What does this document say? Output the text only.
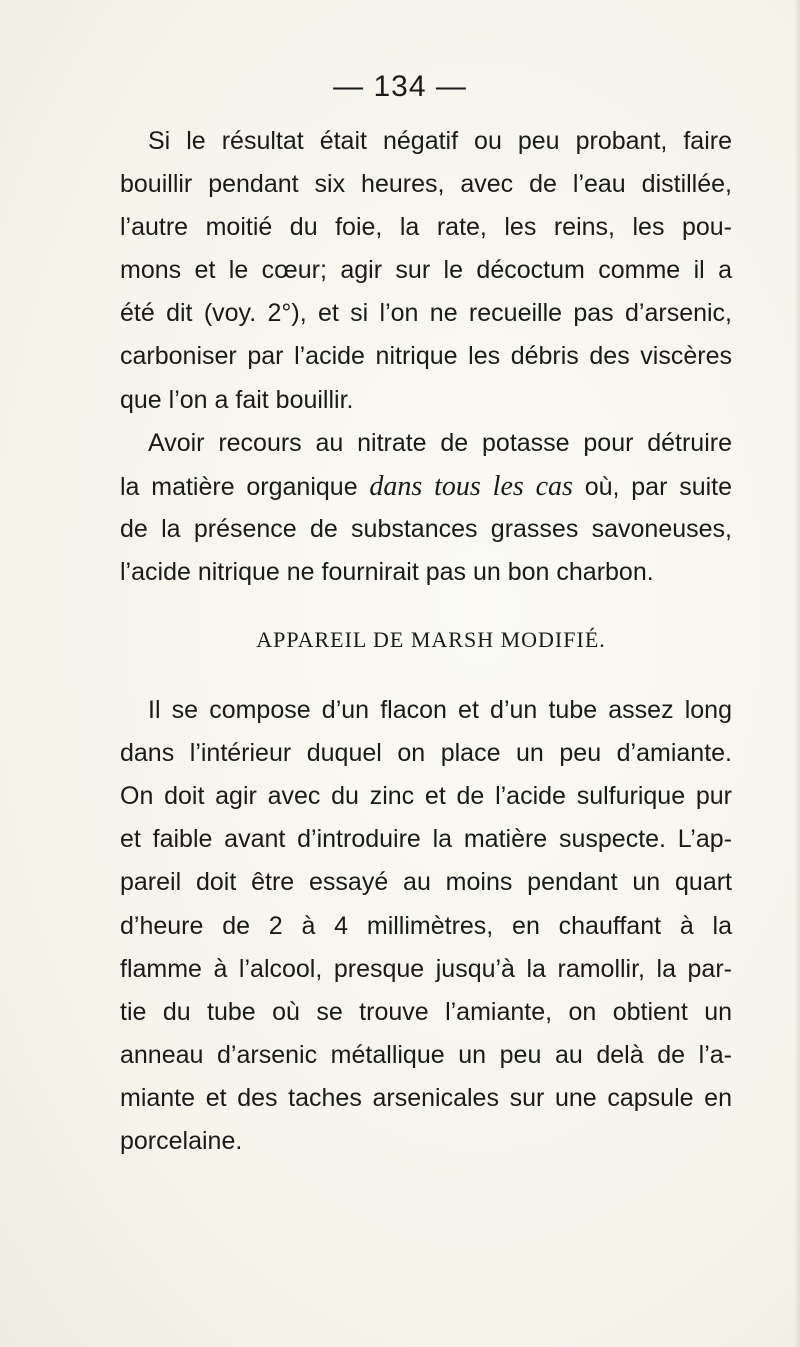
— 134 —
Si le résultat était négatif ou peu probant, faire
bouillir pendant six heures, avec de l’eau distillée,
l’autre moitié du foie, la rate, les reins, les pou-
mons et le cœur; agir sur le décoctum comme il a
été dit (voy. 2°), et si l’on ne recueille pas d’arsenic,
carboniser par l’acide nitrique les débris des viscères
que l’on a fait bouillir.
Avoir recours au nitrate de potasse pour détruire
la matière organique dans tous les cas où, par suite
de la présence de substances grasses savoneuses,
l’acide nitrique ne fournirait pas un bon charbon.
APPAREIL DE MARSH MODIFIÉ.
Il se compose d’un flacon et d’un tube assez long
dans l’intérieur duquel on place un peu d’amiante.
On doit agir avec du zinc et de l’acide sulfurique pur
et faible avant d’introduire la matière suspecte. L’ap-
pareil doit être essayé au moins pendant un quart
d’heure de 2 à 4 millimètres, en chauffant à la
flamme à l’alcool, presque jusqu’à la ramollir, la par-
tie du tube où se trouve l’amiante, on obtient un
anneau d’arsenic métallique un peu au delà de l’a-
miante et des taches arsenicales sur une capsule en
porcelaine.
